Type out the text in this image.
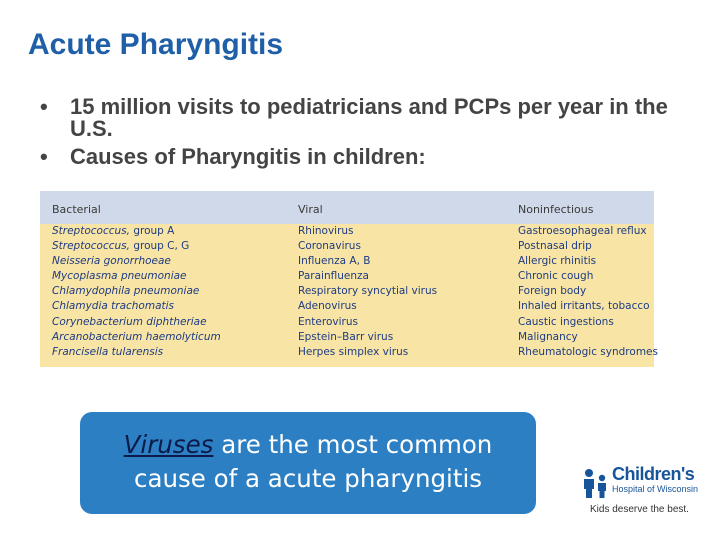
Acute Pharyngitis
• 15 million visits to pediatricians and PCPs per year in the U.S.
• Causes of Pharyngitis in children:
Bacterial	Viral	Noninfectious
Streptococcus, group A	Rhinovirus	Gastroesophageal reflux
Streptococcus, group C, G	Coronavirus	Postnasal drip
Neisseria gonorrhoeae	Influenza A, B	Allergic rhinitis
Mycoplasma pneumoniae	Parainfluenza	Chronic cough
Chlamydophila pneumoniae	Respiratory syncytial virus	Foreign body
Chlamydia trachomatis	Adenovirus	Inhaled irritants, tobacco
Corynebacterium diphtheriae	Enterovirus	Caustic ingestions
Arcanobacterium haemolyticum	Epstein–Barr virus	Malignancy
Francisella tularensis	Herpes simplex virus	Rheumatologic syndromes
Viruses are the most common
cause of a acute pharyngitis	Children's
Hospital of Wisconsin
Kids deserve the best.
